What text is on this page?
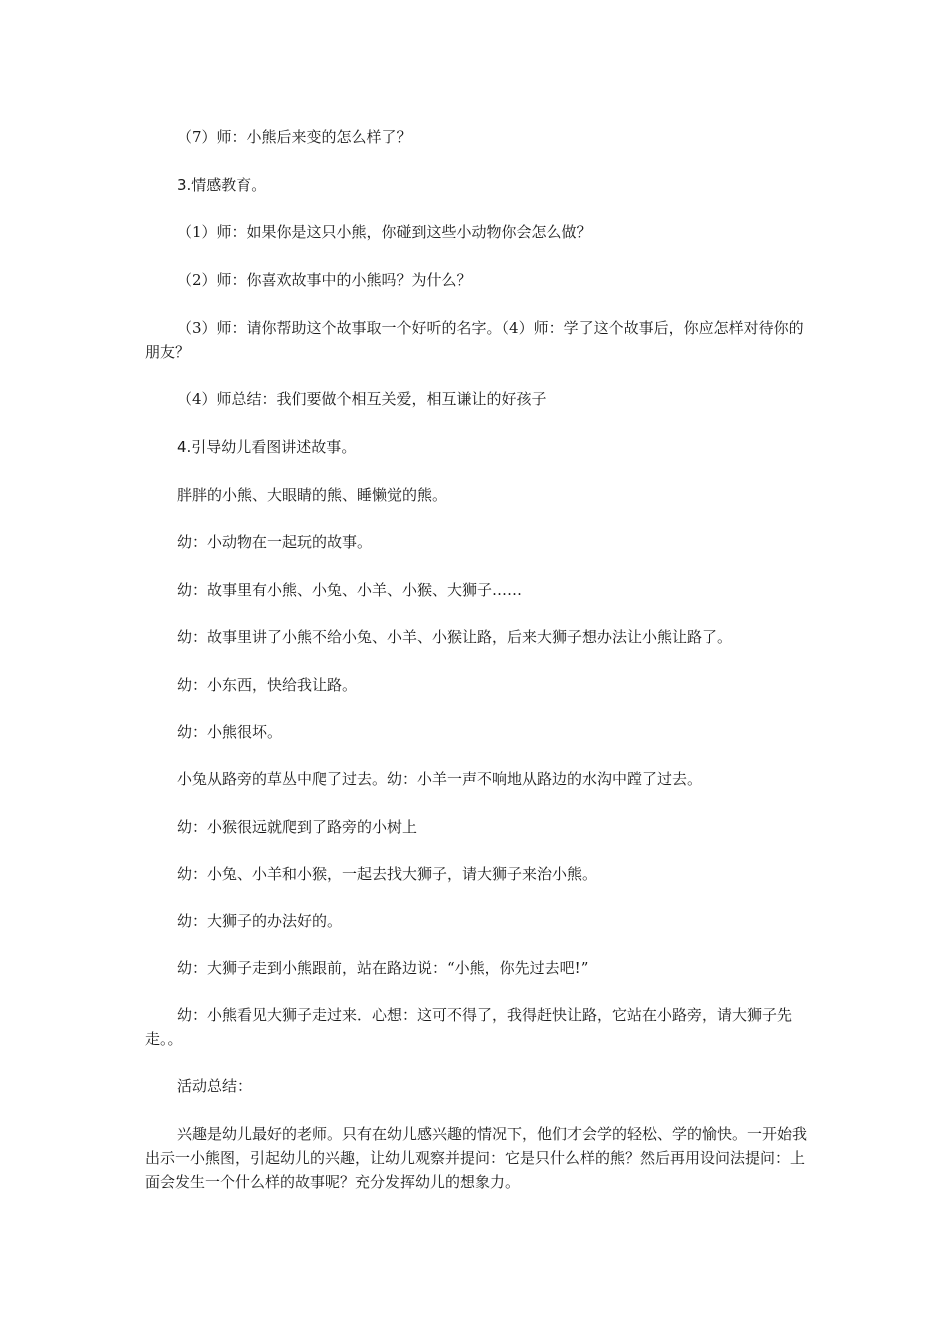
（7）师：小熊后来变的怎么样了？

3.情感教育。

（1）师：如果你是这只小熊，你碰到这些小动物你会怎么做？

（2）师：你喜欢故事中的小熊吗？为什么？

（3）师：请你帮助这个故事取一个好听的名字。（4）师：学了这个故事后，你应怎样对待你的朋友？

（4）师总结：我们要做个相互关爱，相互谦让的好孩子

4.引导幼儿看图讲述故事。

胖胖的小熊、大眼睛的熊、睡懒觉的熊。

幼：小动物在一起玩的故事。

幼：故事里有小熊、小兔、小羊、小猴、大狮子……

幼：故事里讲了小熊不给小兔、小羊、小猴让路，后来大狮子想办法让小熊让路了。

幼：小东西，快给我让路。

幼：小熊很坏。

小兔从路旁的草丛中爬了过去。幼：小羊一声不响地从路边的水沟中蹚了过去。

幼：小猴很远就爬到了路旁的小树上

幼：小兔、小羊和小猴，一起去找大狮子，请大狮子来治小熊。

幼：大狮子的办法好的。

幼：大狮子走到小熊跟前，站在路边说：“小熊，你先过去吧!”

幼：小熊看见大狮子走过来．心想：这可不得了，我得赶快让路，它站在小路旁，请大狮子先走。。

活动总结：

兴趣是幼儿最好的老师。只有在幼儿感兴趣的情况下，他们才会学的轻松、学的愉快。一开始我出示一小熊图，引起幼儿的兴趣，让幼儿观察并提问：它是只什么样的熊？然后再用设问法提问：上面会发生一个什么样的故事呢？充分发挥幼儿的想象力。
